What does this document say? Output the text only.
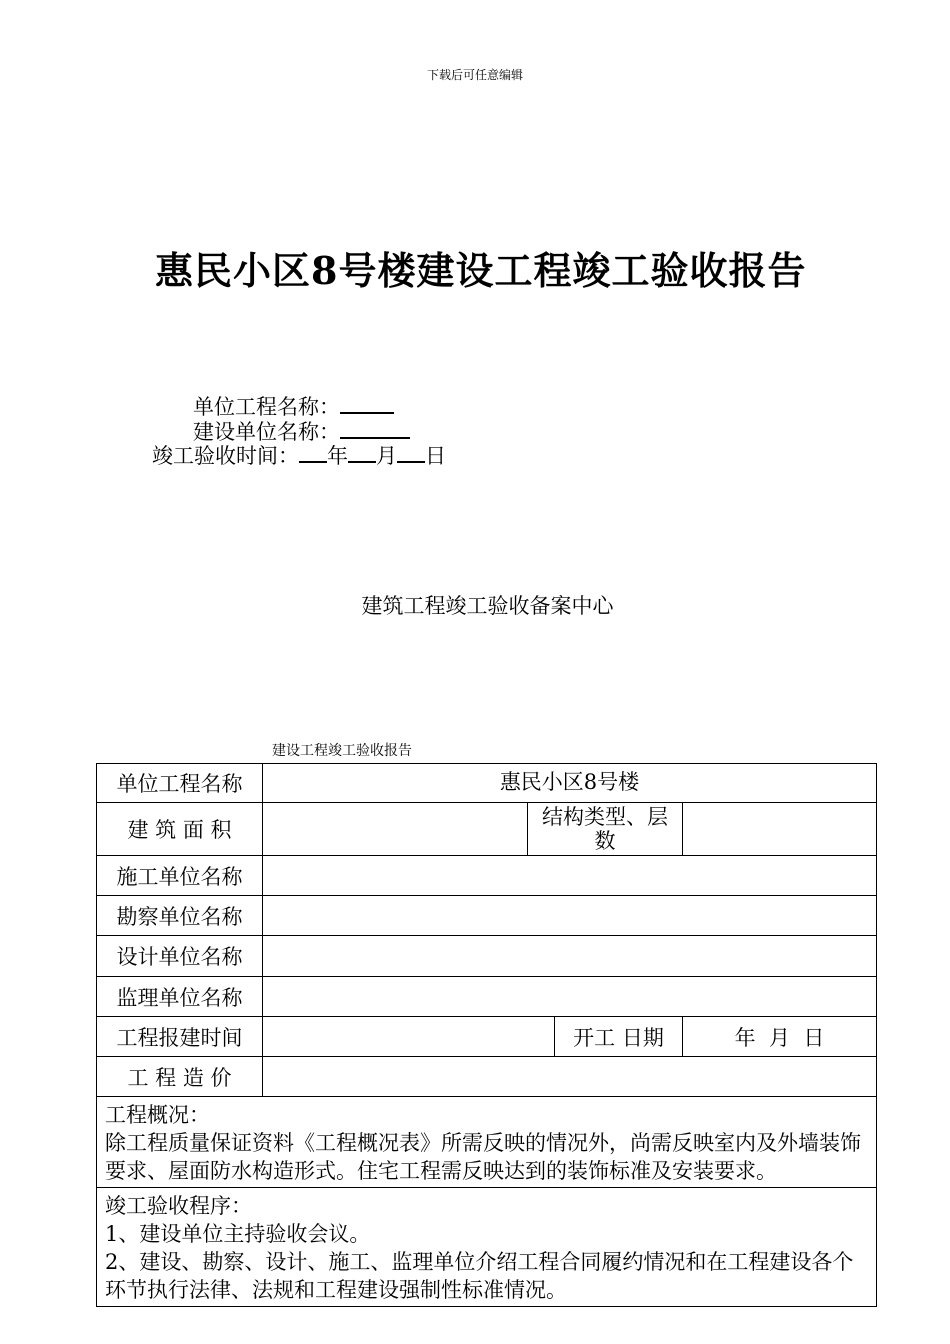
下载后可任意编辑
惠民小区8号楼建设工程竣工验收报告
单位工程名称：
建设单位名称：
竣工验收时间： 年 月 日
建筑工程竣工验收备案中心
建设工程竣工验收报告
单位工程名称	惠民小区8号楼			
建 筑 面 积		结构类型、层数		
施工单位名称				
勘察单位名称				
设计单位名称				
监理单位名称				
工程报建时间			开工 日期	年  月  日
工 程 造 价				

工程概况：
除工程质量保证资料《工程概况表》所需反映的情况外，尚需反映室内及外墙装饰要求、屋面防水构造形式。住宅工程需反映达到的装饰标准及安装要求。				

竣工验收程序：
1、建设单位主持验收会议。
2、建设、勘察、设计、施工、监理单位介绍工程合同履约情况和在工程建设各个环节执行法律、法规和工程建设强制性标准情况。				
